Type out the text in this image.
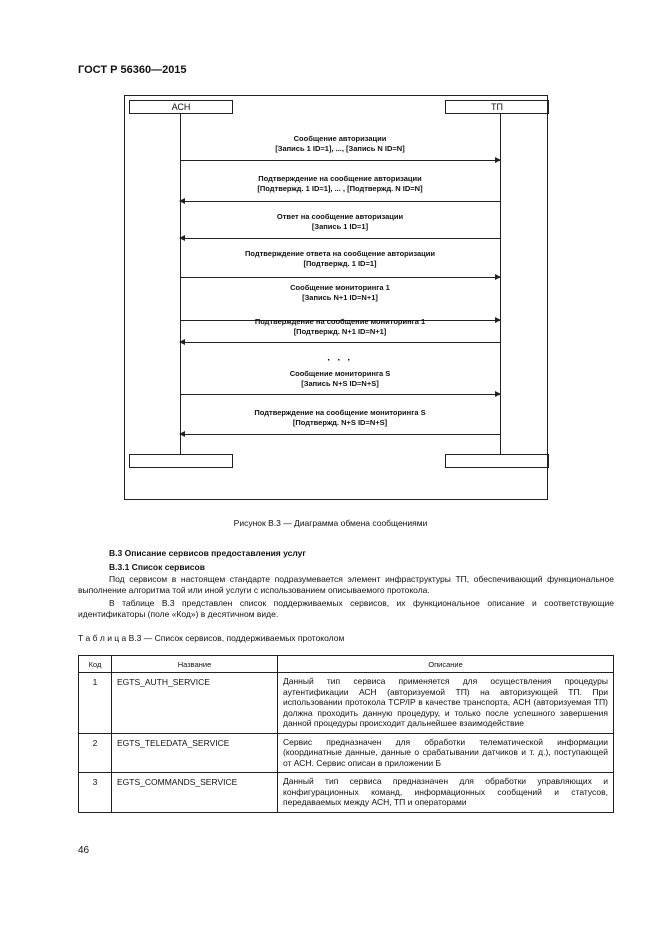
ГОСТ Р 56360—2015
АСН	ТП
Сообщение авторизации
[Запись 1 ID=1], ..., [Запись N ID=N]
Подтверждение на сообщение авторизации
[Подтвержд. 1 ID=1], ... , [Подтвержд. N ID=N]
Ответ на сообщение авторизации
[Запись 1 ID=1]
Подтверждение ответа на сообщение авторизации
[Подтвержд. 1 ID=1]
Сообщение мониторинга 1
[Запись N+1 ID=N+1]
Подтверждение на сообщение мониторинга 1
[Подтвержд. N+1 ID=N+1]
· · ·
Сообщение мониторинга S
[Запись N+S ID=N+S]
Подтверждение на сообщение мониторинга S
[Подтвержд. N+S ID=N+S]
Рисунок В.3 — Диаграмма обмена сообщениями
В.3 Описание сервисов предоставления услуг
В.3.1 Список сервисов
Под сервисом в настоящем стандарте подразумевается элемент инфраструктуры ТП, обеспечивающий функциональное выполнение алгоритма той или иной услуги с использованием описываемого протокола.
В таблице В.3 представлен список поддерживаемых сервисов, их функциональное описание и соответствующие идентификаторы (поле «Код») в десятичном виде.
Т а б л и ц а В.3 — Список сервисов, поддерживаемых протоколом
Код	Название	Описание
1	EGTS_AUTH_SERVICE	Данный тип сервиса применяется для осуществления процедуры аутентификации АСН (авторизуемой ТП) на авторизующей ТП. При использовании протокола TCP/IP в качестве транспорта, АСН (авторизуемая ТП) должна проходить данную процедуру, и только после успешного завершения данной процедуры происходит дальнейшее взаимодействие
2	EGTS_TELEDATA_SERVICE	Сервис предназначен для обработки телематической информации (координатные данные, данные о срабатывании датчиков и т. д.), поступающей от АСН. Сервис описан в приложении Б
3	EGTS_COMMANDS_SERVICE	Данный тип сервиса предназначен для обработки управляющих и конфигурационных команд, информационных сообщений и статусов, передаваемых между АСН, ТП и операторами
46
